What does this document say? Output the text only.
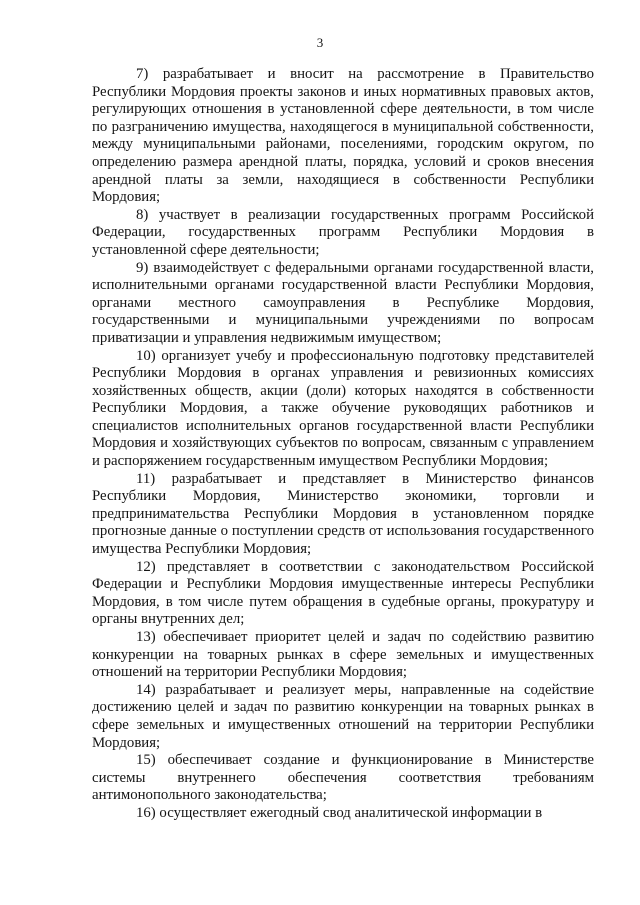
3

7) разрабатывает и вносит на рассмотрение в Правительство Республики Мордовия проекты законов и иных нормативных правовых актов, регулирующих отношения в установленной сфере деятельности, в том числе по разграничению имущества, находящегося в муниципальной собственности, между муниципальными районами, поселениями, городским округом, по определению размера арендной платы, порядка, условий и сроков внесения арендной платы за земли, находящиеся в собственности Республики Мордовия;

8) участвует в реализации государственных программ Российской Федерации, государственных программ Республики Мордовия в установленной сфере деятельности;

9) взаимодействует с федеральными органами государственной власти, исполнительными органами государственной власти Республики Мордовия, органами местного самоуправления в Республике Мордовия, государственными и муниципальными учреждениями по вопросам приватизации и управления недвижимым имуществом;

10) организует учебу и профессиональную подготовку представителей Республики Мордовия в органах управления и ревизионных комиссиях хозяйственных обществ, акции (доли) которых находятся в собственности Республики Мордовия, а также обучение руководящих работников и специалистов исполнительных органов государственной власти Республики Мордовия и хозяйствующих субъектов по вопросам, связанным с управлением и распоряжением государственным имуществом Республики Мордовия;

11) разрабатывает и представляет в Министерство финансов Республики Мордовия, Министерство экономики, торговли и предпринимательства Республики Мордовия в установленном порядке прогнозные данные о поступлении средств от использования государственного имущества Республики Мордовия;

12) представляет в соответствии с законодательством Российской Федерации и Республики Мордовия имущественные интересы Республики Мордовия, в том числе путем обращения в судебные органы, прокуратуру и органы внутренних дел;

13) обеспечивает приоритет целей и задач по содействию развитию конкуренции на товарных рынках в сфере земельных и имущественных отношений на территории Республики Мордовия;

14) разрабатывает и реализует меры, направленные на содействие достижению целей и задач по развитию конкуренции на товарных рынках в сфере земельных и имущественных отношений на территории Республики Мордовия;

15) обеспечивает создание и функционирование в Министерстве системы внутреннего обеспечения соответствия требованиям антимонопольного законодательства;

16) осуществляет ежегодный свод аналитической информации в
